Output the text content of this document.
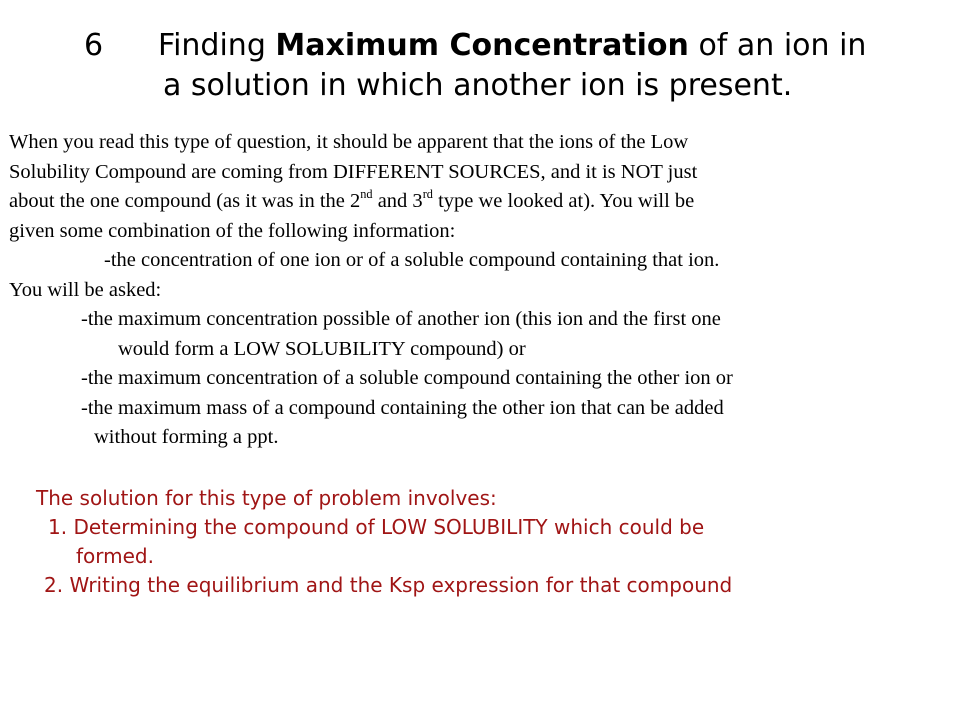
6 Finding Maximum Concentration of an ion in
a solution in which another ion is present.
When you read this type of question, it should be apparent that the ions of the Low
Solubility Compound are coming from DIFFERENT SOURCES, and it is NOT just
about the one compound (as it was in the 2nd and 3rd type we looked at). You will be
given some combination of the following information:
-the concentration of one ion or of a soluble compound containing that ion.
You will be asked:
-the maximum concentration possible of another ion (this ion and the first one
would form a LOW SOLUBILITY compound) or
-the maximum concentration of a soluble compound containing the other ion or
-the maximum mass of a compound containing the other ion that can be added
without forming a ppt.
The solution for this type of problem involves:
1. Determining the compound of LOW SOLUBILITY which could be
formed.
2. Writing the equilibrium and the Ksp expression for that compound
